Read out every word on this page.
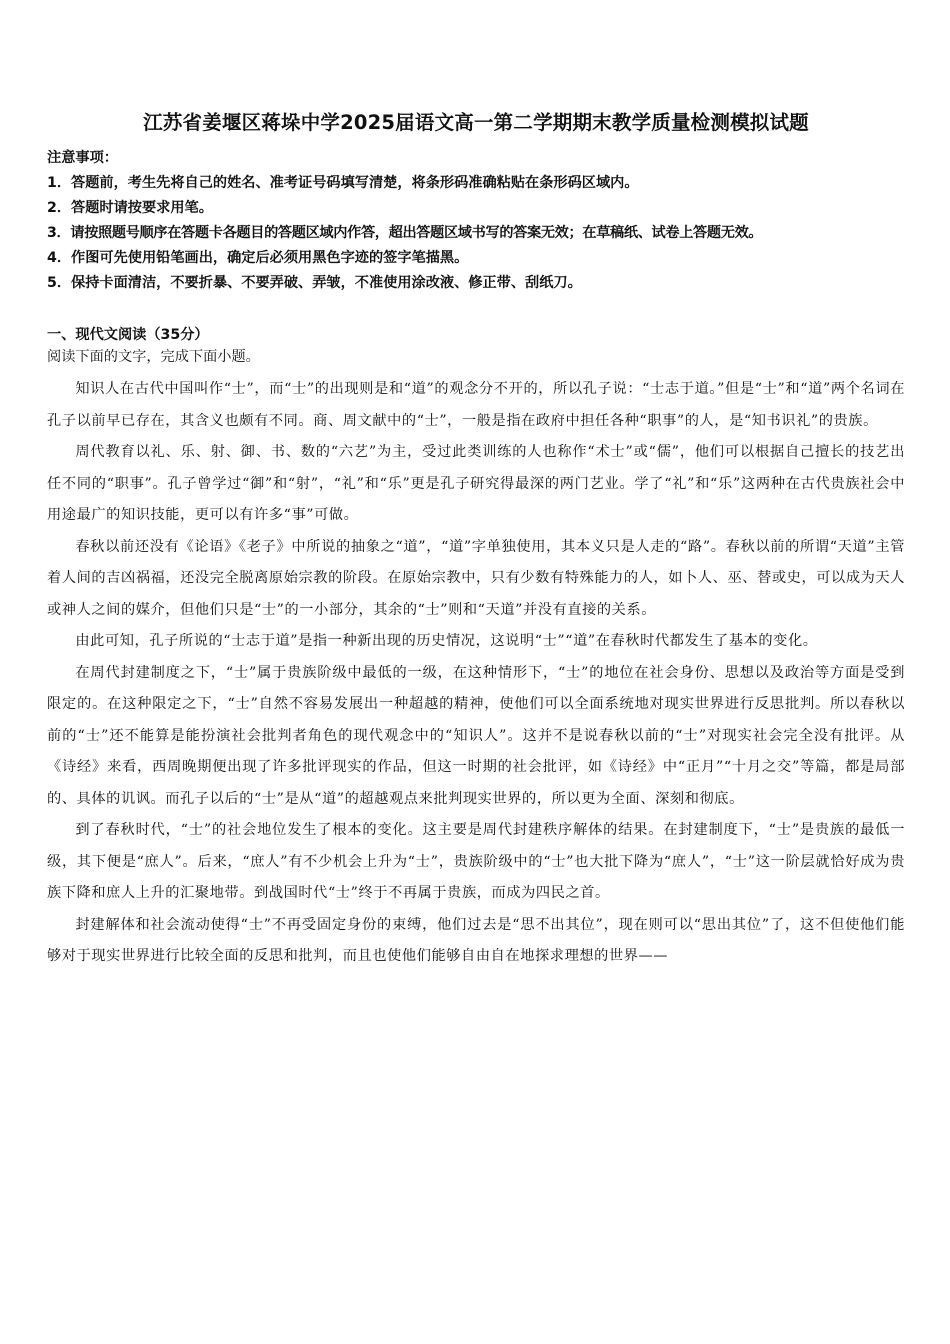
江苏省姜堰区蒋垛中学2025届语文高一第二学期期末教学质量检测模拟试题
注意事项：
1．答题前，考生先将自己的姓名、准考证号码填写清楚，将条形码准确粘贴在条形码区域内。
2．答题时请按要求用笔。
3．请按照题号顺序在答题卡各题目的答题区域内作答，超出答题区域书写的答案无效；在草稿纸、试卷上答题无效。
4．作图可先使用铅笔画出，确定后必须用黑色字迹的签字笔描黑。
5．保持卡面清洁，不要折暴、不要弄破、弄皱，不准使用涂改液、修正带、刮纸刀。
一、现代文阅读（35分）
阅读下面的文字，完成下面小题。

知识人在古代中国叫作“士”，而“士”的出现则是和“道”的观念分不开的，所以孔子说：“士志于道。”但是“士”和“道”两个名词在孔子以前早已存在，其含义也颇有不同。商、周文献中的“士”，一般是指在政府中担任各种“职事”的人，是“知书识礼”的贵族。

周代教育以礼、乐、射、御、书、数的“六艺”为主，受过此类训练的人也称作“术士”或“儒”，他们可以根据自己擅长的技艺出任不同的“职事”。孔子曾学过“御”和“射”，“礼”和“乐”更是孔子研究得最深的两门艺业。学了“礼”和“乐”这两种在古代贵族社会中用途最广的知识技能，更可以有许多“事”可做。

春秋以前还没有《论语》《老子》中所说的抽象之“道”，“道”字单独使用，其本义只是人走的“路”。春秋以前的所谓“天道”主管着人间的吉凶祸福，还没完全脱离原始宗教的阶段。在原始宗教中，只有少数有特殊能力的人，如卜人、巫、替或史，可以成为天人或神人之间的媒介，但他们只是“士”的一小部分，其余的“士”则和“天道”并没有直接的关系。

由此可知，孔子所说的“士志于道”是指一种新出现的历史情况，这说明“士”“道”在春秋时代都发生了基本的变化。

在周代封建制度之下，“士”属于贵族阶级中最低的一级，在这种情形下，“士”的地位在社会身份、思想以及政治等方面是受到限定的。在这种限定之下，“士”自然不容易发展出一种超越的精神，使他们可以全面系统地对现实世界进行反思批判。所以春秋以前的“士”还不能算是能扮演社会批判者角色的现代观念中的“知识人”。这并不是说春秋以前的“士”对现实社会完全没有批评。从《诗经》来看，西周晚期便出现了许多批评现实的作品，但这一时期的社会批评，如《诗经》中“正月”“十月之交”等篇，都是局部的、具体的讥讽。而孔子以后的“士”是从“道”的超越观点来批判现实世界的，所以更为全面、深刻和彻底。

到了春秋时代，“士”的社会地位发生了根本的变化。这主要是周代封建秩序解体的结果。在封建制度下，“士”是贵族的最低一级，其下便是“庶人”。后来，“庶人”有不少机会上升为“士”，贵族阶级中的“士”也大批下降为“庶人”，“士”这一阶层就恰好成为贵族下降和庶人上升的汇聚地带。到战国时代“士”终于不再属于贵族，而成为四民之首。

封建解体和社会流动使得“士”不再受固定身份的束缚，他们过去是“思不出其位”，现在则可以“思出其位”了，这不但使他们能够对于现实世界进行比较全面的反思和批判，而且也使他们能够自由自在地探求理想的世界——
